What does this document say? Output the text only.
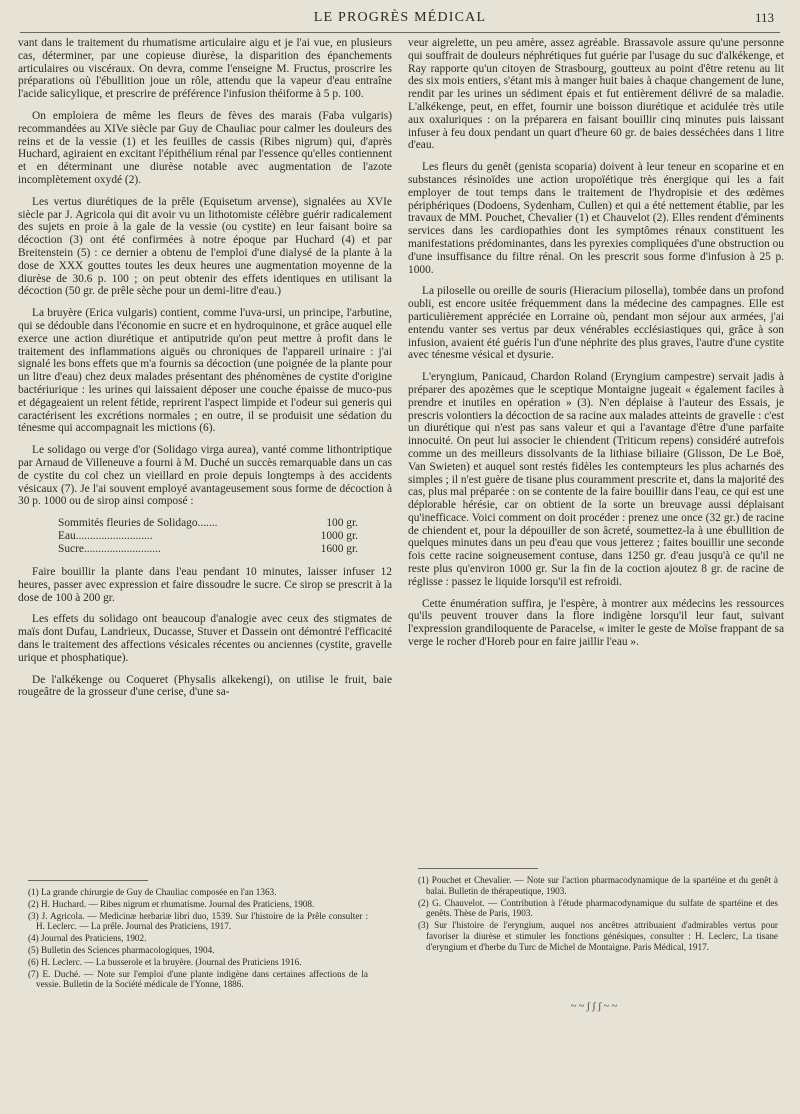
LE PROGRÈS MÉDICAL	113

vant dans le traitement du rhumatisme articulaire aigu et je l'ai vue, en plusieurs cas, déterminer, par une copieuse diurèse, la disparition des épanchements articulaires ou viscéraux. On devra, comme l'enseigne M. Fructus, proscrire les préparations où l'ébullition joue un rôle, attendu que la vapeur d'eau entraîne l'acide salicylique, et prescrire de préférence l'infusion théiforme à 5 p. 100.

On emploiera de même les fleurs de fèves des marais (Faba vulgaris) recommandées au XIVe siècle par Guy de Chauliac pour calmer les douleurs des reins et de la vessie (1) et les feuilles de cassis (Ribes nigrum) qui, d'après Huchard, agiraient en excitant l'épithélium rénal par l'essence qu'elles contiennent et en déterminant une diurèse notable avec augmentation de l'azote incomplètement oxydé (2).

Les vertus diurétiques de la prêle (Equisetum arvense), signalées au XVIe siècle par J. Agricola qui dit avoir vu un lithotomiste célèbre guérir radicalement des sujets en proie à la gale de la vessie (ou cystite) en leur faisant boire sa décoction (3) ont été confirmées à notre époque par Huchard (4) et par Breitenstein (5) : ce dernier a obtenu de l'emploi d'une dialysé de la plante à la dose de XXX gouttes toutes les deux heures une augmentation moyenne de la diurèse de 30.6 p. 100 ; on peut obtenir des effets identiques en utilisant la décoction (50 gr. de prêle sèche pour un demi-litre d'eau.)

La bruyère (Erica vulgaris) contient, comme l'uva-ursi, un principe, l'arbutine, qui se dédouble dans l'économie en sucre et en hydroquinone, et grâce auquel elle exerce une action diurétique et antiputride qu'on peut mettre à profit dans le traitement des inflammations aiguës ou chroniques de l'appareil urinaire : j'ai signalé les bons effets que m'a fournis sa décoction (une poignée de la plante pour un litre d'eau) chez deux malades présentant des phénomènes de cystite d'origine bactériurique : les urines qui laissaient déposer une couche épaisse de muco-pus et dégageaient un relent fétide, reprirent l'aspect limpide et l'odeur sui generis qui caractérisent les excrétions normales ; en outre, il se produisit une sédation du ténesme qui accompagnait les mictions (6).

Le solidago ou verge d'or (Solidago virga aurea), vanté comme lithontriptique par Arnaud de Villeneuve a fourni à M. Duché un succès remarquable dans un cas de cystite du col chez un vieillard en proie depuis longtemps à des accidents vésicaux (7). Je l'ai souvent employé avantageusement sous forme de décoction à 30 p. 1000 ou de sirop ainsi composé :

Sommités fleuries de Solidago.......	100 gr.
Eau...........................	1000 gr.
Sucre...........................	1600 gr.

Faire bouillir la plante dans l'eau pendant 10 minutes, laisser infuser 12 heures, passer avec expression et faire dissoudre le sucre. Ce sirop se prescrit à la dose de 100 à 200 gr.

Les effets du solidago ont beaucoup d'analogie avec ceux des stigmates de maïs dont Dufau, Landrieux, Ducasse, Stuver et Dassein ont démontré l'efficacité dans le traitement des affections vésicales récentes ou anciennes (cystite, gravelle urique et phosphatique).

De l'alkékenge ou Coqueret (Physalis alkekengi), on utilise le fruit, baie rougeâtre de la grosseur d'une cerise, d'une sa-

veur aigrelette, un peu amère, assez agréable. Brassavole assure qu'une personne qui souffrait de douleurs néphrétiques fut guérie par l'usage du suc d'alkékenge, et Ray rapporte qu'un citoyen de Strasbourg, goutteux au point d'être retenu au lit des six mois entiers, s'étant mis à manger huit baies à chaque changement de lune, rendit par les urines un sédiment épais et fut entièrement délivré de sa maladie. L'alkékenge, peut, en effet, fournir une boisson diurétique et acidulée très utile aux oxaluriques : on la préparera en faisant bouillir cinq minutes puis laissant infuser à feu doux pendant un quart d'heure 60 gr. de baies desséchées dans 1 litre d'eau.

Les fleurs du genêt (genista scoparia) doivent à leur teneur en scoparine et en substances résinoïdes une action uropoïétique très énergique qui les a fait employer de tout temps dans le traitement de l'hydropisie et des œdèmes périphériques (Dodoens, Sydenham, Cullen) et qui a été nettement établie, par les travaux de MM. Pouchet, Chevalier (1) et Chauvelot (2). Elles rendent d'éminents services dans les cardiopathies dont les symptômes rénaux constituent les manifestations prédominantes, dans les pyrexies compliquées d'une obstruction ou d'une insuffisance du filtre rénal. On les prescrit sous forme d'infusion à 25 p. 1000.

La piloselle ou oreille de souris (Hieracium pilosella), tombée dans un profond oubli, est encore usitée fréquemment dans la médecine des campagnes. Elle est particulièrement appréciée en Lorraine où, pendant mon séjour aux armées, j'ai entendu vanter ses vertus par deux vénérables ecclésiastiques qui, grâce à son infusion, avaient été guéris l'un d'une néphrite des plus graves, l'autre d'une cystite avec ténesme vésical et dysurie.

L'eryngium, Panicaud, Chardon Roland (Eryngium campestre) servait jadis à préparer des apozèmes que le sceptique Montaigne jugeait « également faciles à prendre et inutiles en opération » (3). N'en déplaise à l'auteur des Essais, je prescris volontiers la décoction de sa racine aux malades atteints de gravelle : c'est un diurétique qui n'est pas sans valeur et qui a l'avantage d'être d'une parfaite innocuité. On peut lui associer le chiendent (Triticum repens) considéré autrefois comme un des meilleurs dissolvants de la lithiase biliaire (Glisson, De Le Boë, Van Swieten) et auquel sont restés fidèles les contempteurs les plus acharnés des simples ; il n'est guère de tisane plus couramment prescrite et, dans la majorité des cas, plus mal préparée : on se contente de la faire bouillir dans l'eau, ce qui est une déplorable hérésie, car on obtient de la sorte un breuvage aussi déplaisant qu'inefficace. Voici comment on doit procéder : prenez une once (32 gr.) de racine de chiendent et, pour la dépouiller de son âcreté, soumettez-la à une ébullition de quelques minutes dans un peu d'eau que vous jetterez ; faites bouillir une seconde fois cette racine soigneusement contuse, dans 1250 gr. d'eau jusqu'à ce qu'il ne reste plus qu'environ 1000 gr. Sur la fin de la coction ajoutez 8 gr. de racine de réglisse : passez le liquide lorsqu'il est refroidi.

Cette énumération suffira, je l'espère, à montrer aux médecins les ressources qu'ils peuvent trouver dans la flore indigène lorsqu'il leur faut, suivant l'expression grandiloquente de Paracelse, « imiter le geste de Moïse frappant de sa verge le rocher d'Horeb pour en faire jaillir l'eau ».

(1) La grande chirurgie de Guy de Chauliac composée en l'an 1363.
(2) H. Huchard. — Ribes nigrum et rhumatisme. Journal des Praticiens, 1908.
(3) J. Agricola. — Medicinæ herbariæ libri duo, 1539. Sur l'histoire de la Prêle consulter : H. Leclerc. — La prêle. Journal des Praticiens, 1917.
(4) Journal des Praticiens, 1902.
(5) Bulletin des Sciences pharmacologiques, 1904.
(6) H. Leclerc. — La busserole et la bruyère. (Journal des Praticiens 1916.
(7) E. Duché. — Note sur l'emploi d'une plante indigène dans certaines affections de la vessie. Bulletin de la Société médicale de l'Yonne, 1886.
(1) Pouchet et Chevalier. — Note sur l'action pharmacodynamique de la spartéine et du genêt à balai. Bulletin de thérapeutique, 1903.
(2) G. Chauvelot. — Contribution à l'étude pharmacodynamique du sulfate de spartéine et des genêts. Thèse de Paris, 1903.
(3) Sur l'histoire de l'eryngium, auquel nos ancêtres attribuaient d'admirables vertus pour favoriser la diurèse et stimuler les fonctions génésiques, consulter : H. Leclerc, La tisane d'eryngium et d'herbe du Turc de Michel de Montaigne. Paris Médical, 1917.
~~ʃʃʃ~~
